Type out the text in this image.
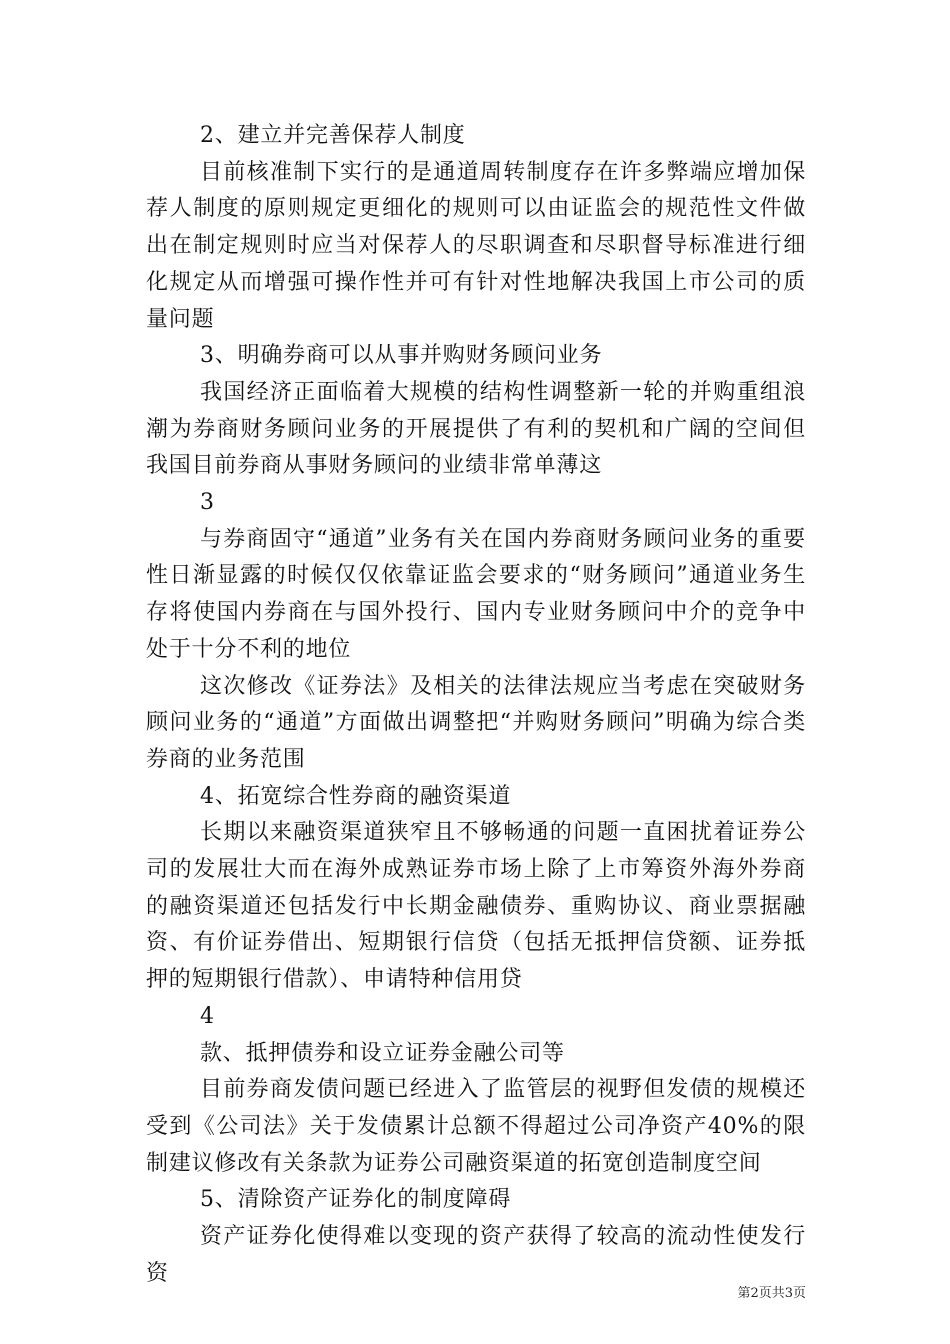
2、建立并完善保荐人制度

目前核准制下实行的是通道周转制度存在许多弊端应增加保荐人制度的原则规定更细化的规则可以由证监会的规范性文件做出在制定规则时应当对保荐人的尽职调查和尽职督导标准进行细化规定从而增强可操作性并可有针对性地解决我国上市公司的质量问题

3、明确券商可以从事并购财务顾问业务

我国经济正面临着大规模的结构性调整新一轮的并购重组浪潮为券商财务顾问业务的开展提供了有利的契机和广阔的空间但我国目前券商从事财务顾问的业绩非常单薄这

3

与券商固守“通道”业务有关在国内券商财务顾问业务的重要性日渐显露的时候仅仅依靠证监会要求的“财务顾问”通道业务生存将使国内券商在与国外投行、国内专业财务顾问中介的竞争中处于十分不利的地位

这次修改《证券法》及相关的法律法规应当考虑在突破财务顾问业务的“通道”方面做出调整把“并购财务顾问”明确为综合类券商的业务范围

4、拓宽综合性券商的融资渠道

长期以来融资渠道狭窄且不够畅通的问题一直困扰着证券公司的发展壮大而在海外成熟证券市场上除了上市筹资外海外券商的融资渠道还包括发行中长期金融债券、重购协议、商业票据融资、有价证券借出、短期银行信贷（包括无抵押信贷额、证券抵押的短期银行借款）、申请特种信用贷

4

款、抵押债券和设立证券金融公司等

目前券商发债问题已经进入了监管层的视野但发债的规模还受到《公司法》关于发债累计总额不得超过公司净资产40%的限制建议修改有关条款为证券公司融资渠道的拓宽创造制度空间

5、清除资产证券化的制度障碍

资产证券化使得难以变现的资产获得了较高的流动性使发行资

第2页共3页
